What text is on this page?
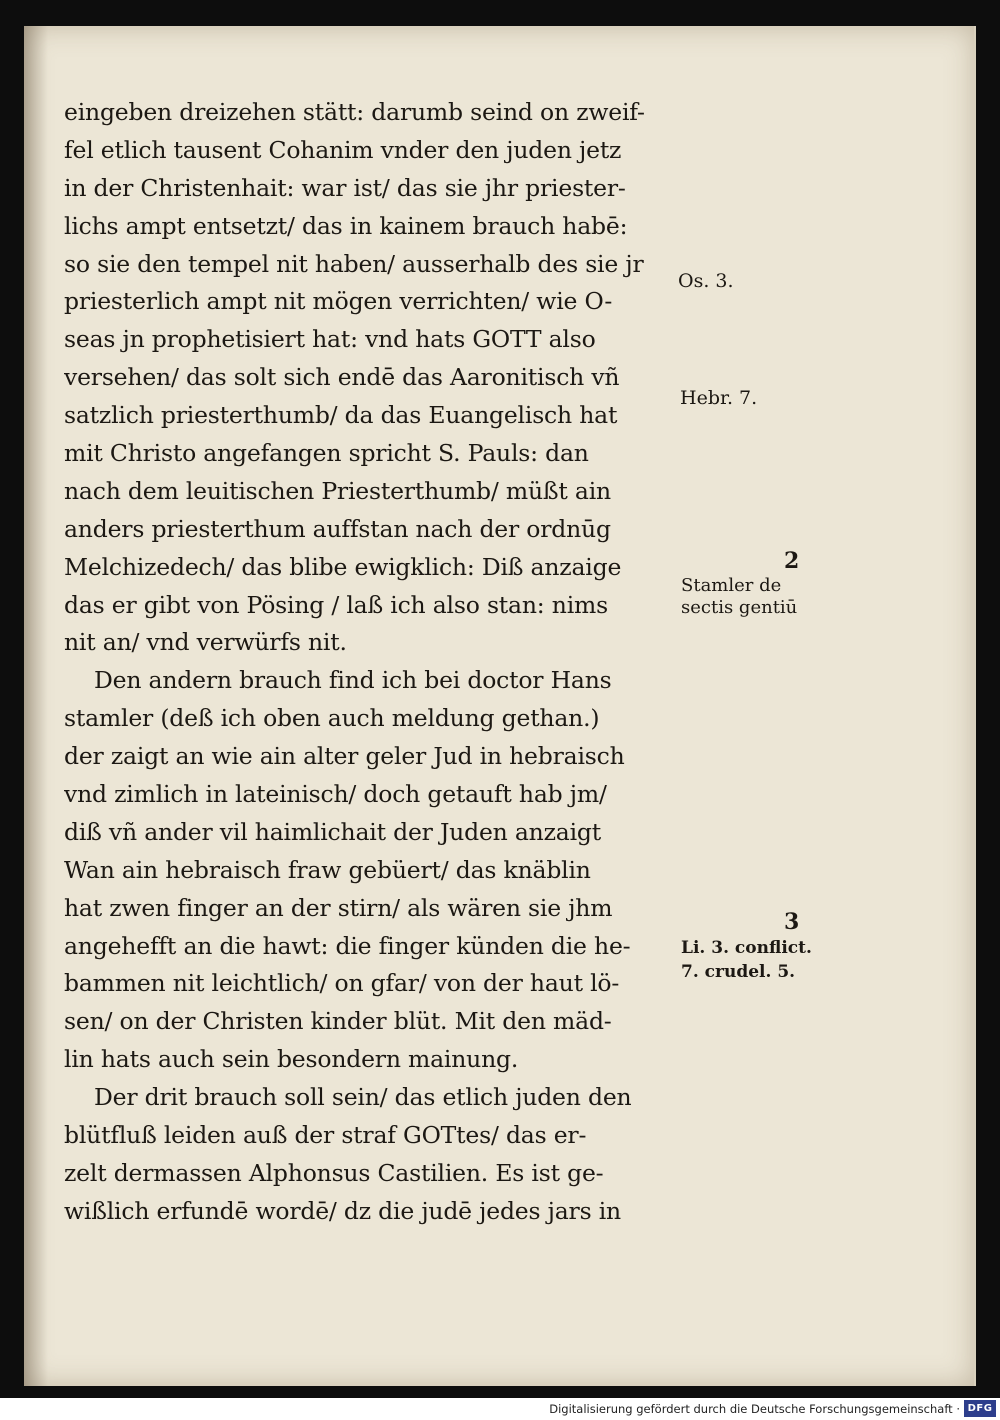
eingeben dreizehen stätt: darumb seind on zweif-
fel etlich tausent Cohanim vnder den juden jetz
in der Christenhait: war ist/ das sie jhr priester-
lichs ampt entsetzt/ das in kainem brauch habē:
so sie den tempel nit haben/ ausserhalb des sie jr
priesterlich ampt nit mögen verrichten/ wie O-
seas jn prophetisiert hat: vnd hats GOTT also
versehen/ das solt sich endē das Aaronitisch vñ
satzlich priesterthumb/ da das Euangelisch hat
mit Christo angefangen spricht S. Pauls: dan
nach dem leuitischen Priesterthumb/ müßt ain
anders priesterthum auffstan nach der ordnūg
Melchizedech/ das blibe ewigklich: Diß anzaige
das er gibt von Pösing / laß ich also stan: nims
nit an/ vnd verwürfs nit.
Den andern brauch find ich bei doctor Hans
stamler (deß ich oben auch meldung gethan.)
der zaigt an wie ain alter geler Jud in hebraisch
vnd zimlich in lateinisch/ doch getauft hab jm/
diß vñ ander vil haimlichait der Juden anzaigt
Wan ain hebraisch fraw gebüert/ das knäblin
hat zwen finger an der stirn/ als wären sie jhm
angehefft an die hawt: die finger künden die he-
bammen nit leichtlich/ on gfar/ von der haut lö-
sen/ on der Christen kinder blüt. Mit den mäd-
lin hats auch sein besondern mainung.
Der drit brauch soll sein/ das etlich juden den
blütfluß leiden auß der straf GOTtes/ das er-
zelt dermassen Alphonsus Castilien. Es ist ge-
wißlich erfundē wordē/ dz die judē jedes jars in
Os. 3.
Hebr. 7.
2
Stamler de
sectis gentiū
3
Li. 3. conflict.
7. crudel. 5.
Digitalisierung gefördert durch die Deutsche Forschungsgemeinschaft · DFG
